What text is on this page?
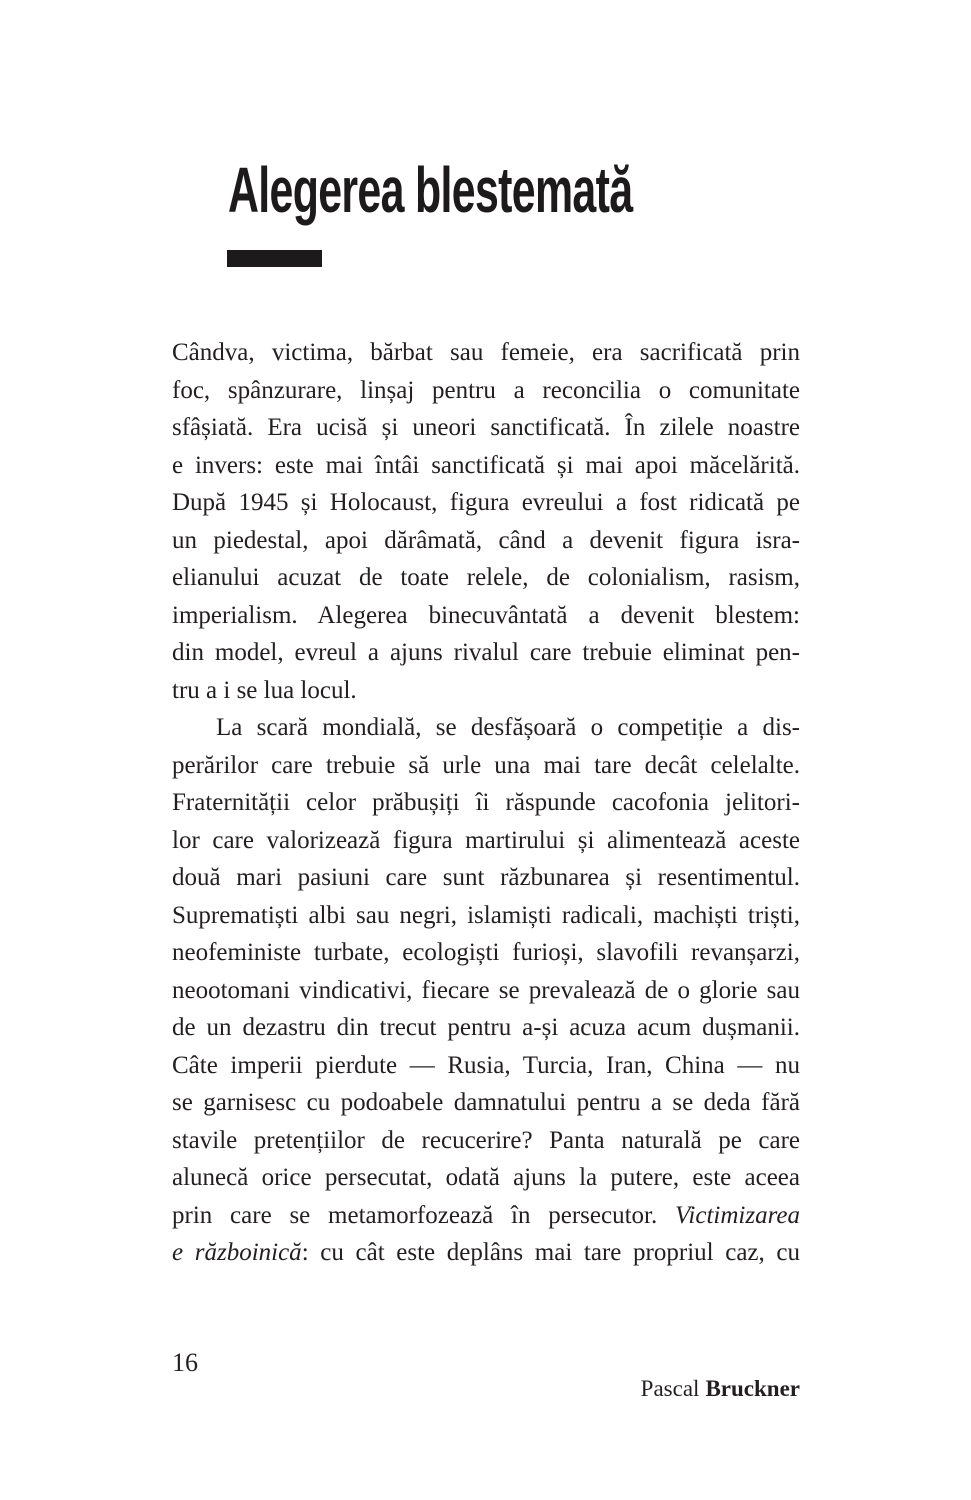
Alegerea blestemată
Cândva, victima, bărbat sau femeie, era sacrificată prin
foc, spânzurare, linșaj pentru a reconcilia o comunitate
sfâșiată. Era ucisă și uneori sanctificată. În zilele noastre
e invers: este mai întâi sanctificată și mai apoi măcelărită.
După 1945 și Holocaust, figura evreului a fost ridicată pe
un piedestal, apoi dărâmată, când a devenit figura isra-
elianului acuzat de toate relele, de colonialism, rasism,
imperialism. Alegerea binecuvântată a devenit blestem:
din model, evreul a ajuns rivalul care trebuie eliminat pen-
tru a i se lua locul.
La scară mondială, se desfășoară o competiție a dis-
perărilor care trebuie să urle una mai tare decât celelalte.
Fraternității celor prăbușiți îi răspunde cacofonia jelitori-
lor care valorizează figura martirului și alimentează aceste
două mari pasiuni care sunt răzbunarea și resentimentul.
Suprematiști albi sau negri, islamiști radicali, machiști triști,
neofeministe turbate, ecologiști furioși, slavofili revanșarzi,
neootomani vindicativi, fiecare se prevalează de o glorie sau
de un dezastru din trecut pentru a-și acuza acum dușmanii.
Câte imperii pierdute — Rusia, Turcia, Iran, China — nu
se garnisesc cu podoabele damnatului pentru a se deda fără
stavile pretențiilor de recucerire? Panta naturală pe care
alunecă orice persecutat, odată ajuns la putere, este aceea
prin care se metamorfozează în persecutor. Victimizarea
e războinică: cu cât este deplâns mai tare propriul caz, cu
16
Pascal Bruckner
